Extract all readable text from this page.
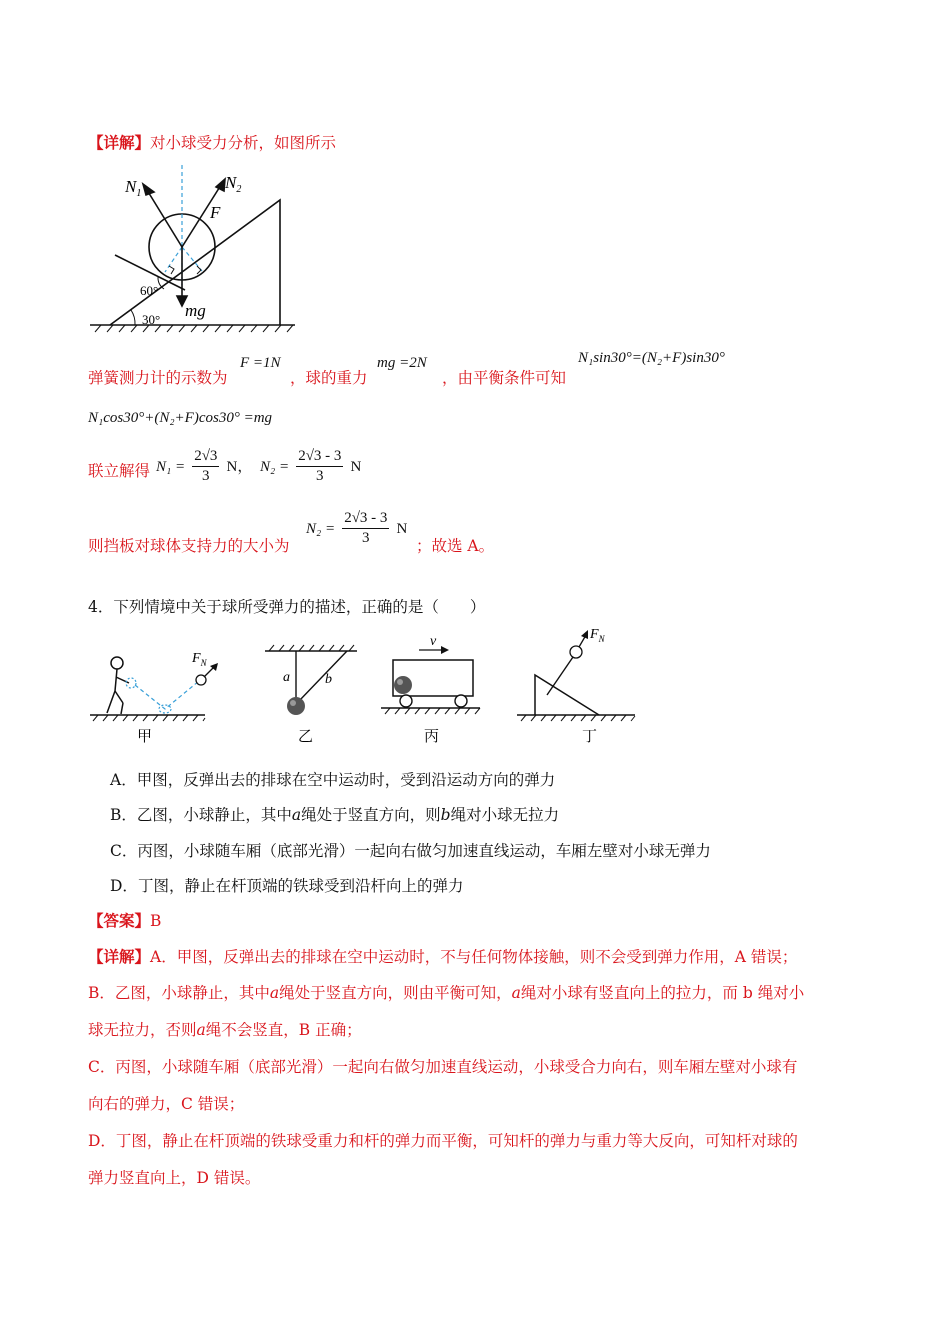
【详解】对小球受力分析，如图所示
$N_1$
$N_2$
F
mg
60°
30°
弹簧测力计的示数为
F =1N
，球的重力
mg =2N
，由平衡条件可知
N₁sin30°=(N₂+F)sin30°
N₁cos30°+(N₂+F)cos30° =mg
联立解得 $N_1 = \frac{2√3}{3}$ N， $N_2 = \frac{2√3 - 3}{3}$ N
则挡板对球体支持力的大小为
$N_2 = \frac{2√3 - 3}{3}$ N
；故选 A。
4．下列情境中关于球所受弹力的描述，正确的是（　　）
$F_N$
甲
a	b
乙
v
丙
$F_N$
丁
A．甲图，反弹出去的排球在空中运动时，受到沿运动方向的弹力
B．乙图，小球静止，其中a绳处于竖直方向，则b绳对小球无拉力
C．丙图，小球随车厢（底部光滑）一起向右做匀加速直线运动，车厢左壁对小球无弹力
D．丁图，静止在杆顶端的铁球受到沿杆向上的弹力
【答案】B
【详解】A．甲图，反弹出去的排球在空中运动时，不与任何物体接触，则不会受到弹力作用，A 错误；
B．乙图，小球静止，其中a绳处于竖直方向，则由平衡可知，a绳对小球有竖直向上的拉力，而 b 绳对小
球无拉力，否则a绳不会竖直，B 正确；
C．丙图，小球随车厢（底部光滑）一起向右做匀加速直线运动，小球受合力向右，则车厢左壁对小球有
向右的弹力，C 错误；
D．丁图，静止在杆顶端的铁球受重力和杆的弹力而平衡，可知杆的弹力与重力等大反向，可知杆对球的
弹力竖直向上，D 错误。
